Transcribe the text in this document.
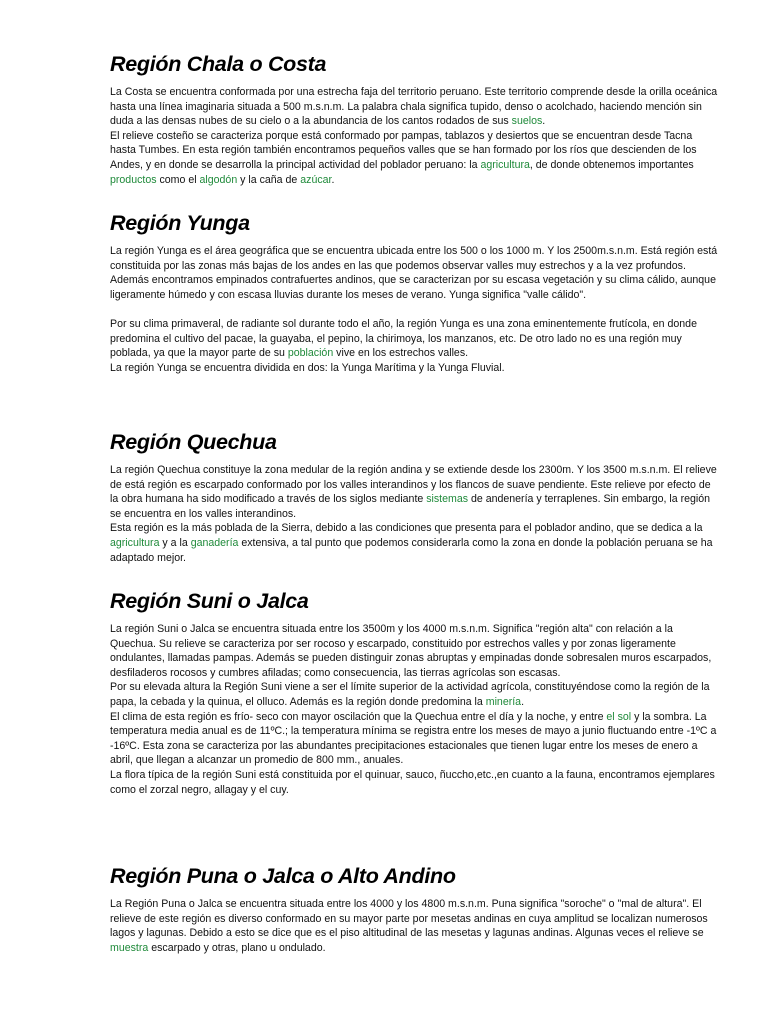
Región Chala o Costa

La Costa se encuentra conformada por una estrecha faja del territorio peruano. Este territorio comprende desde la orilla oceánica hasta una línea imaginaria situada a 500 m.s.n.m. La palabra chala significa tupido, denso o acolchado, haciendo mención sin duda a las densas nubes de su cielo o a la abundancia de los cantos rodados de sus suelos.

El relieve costeño se caracteriza porque está conformado por pampas, tablazos y desiertos que se encuentran desde Tacna hasta Tumbes. En esta región también encontramos pequeños valles que se han formado por los ríos que descienden de los Andes, y en donde se desarrolla la principal actividad del poblador peruano: la agricultura, de donde obtenemos importantes productos como el algodón y la caña de azúcar.

Región Yunga

La región Yunga es el área geográfica que se encuentra ubicada entre los 500 o los 1000 m. Y los 2500m.s.n.m. Está región está constituida por las zonas más bajas de los andes en las que podemos observar valles muy estrechos y a la vez profundos. Además encontramos empinados contrafuertes andinos, que se caracterizan por su escasa vegetación y su clima cálido, aunque ligeramente húmedo y con escasa lluvias durante los meses de verano. Yunga significa "valle cálido".

Por su clima primaveral, de radiante sol durante todo el año, la región Yunga es una zona eminentemente frutícola, en donde predomina el cultivo del pacae, la guayaba, el pepino, la chirimoya, los manzanos, etc. De otro lado no es una región muy poblada, ya que la mayor parte de su población vive en los estrechos valles.

La región Yunga se encuentra dividida en dos: la Yunga Marítima y la Yunga Fluvial.

Región Quechua

La región Quechua constituye la zona medular de la región andina y se extiende desde los 2300m. Y los 3500 m.s.n.m. El relieve de está región es escarpado conformado por los valles interandinos y los flancos de suave pendiente. Este relieve por efecto de la obra humana ha sido modificado a través de los siglos mediante sistemas de andenería y terraplenes. Sin embargo, la región se encuentra en los valles interandinos.

Esta región es la más poblada de la Sierra, debido a las condiciones que presenta para el poblador andino, que se dedica a la agricultura y a la ganadería extensiva, a tal punto que podemos considerarla como la zona en donde la población peruana se ha adaptado mejor.

Región Suni o Jalca

La región Suni o Jalca se encuentra situada entre los 3500m y los 4000 m.s.n.m. Significa "región alta" con relación a la Quechua. Su relieve se caracteriza por ser rocoso y escarpado, constituido por estrechos valles y por zonas ligeramente ondulantes, llamadas pampas. Además se pueden distinguir zonas abruptas y empinadas donde sobresalen muros escarpados, desfiladeros rocosos y cumbres afiladas; como consecuencia, las tierras agrícolas son escasas.

Por su elevada altura la Región Suni viene a ser el límite superior de la actividad agrícola, constituyéndose como la región de la papa, la cebada y la quinua, el olluco. Además es la región donde predomina la minería.

El clima de esta región es frío- seco con mayor oscilación que la Quechua entre el día y la noche, y entre el sol y la sombra. La temperatura media anual es de 11ºC.; la temperatura mínima se registra entre los meses de mayo a junio fluctuando entre -1ºC a -16ºC. Esta zona se caracteriza por las abundantes precipitaciones estacionales que tienen lugar entre los meses de enero a abril, que llegan a alcanzar un promedio de 800 mm., anuales.

La flora típica de la región Suni está constituida por el quinuar, sauco, ñuccho,etc.,en cuanto a la fauna, encontramos ejemplares como el zorzal negro, allagay y el cuy.

Región Puna o Jalca o Alto Andino

La Región Puna o Jalca se encuentra situada entre los 4000 y los 4800 m.s.n.m. Puna significa "soroche" o "mal de altura". El relieve de este región es diverso conformado en su mayor parte por mesetas andinas en cuya amplitud se localizan numerosos lagos y lagunas. Debido a esto se dice que es el piso altitudinal de las mesetas y lagunas andinas. Algunas veces el relieve se muestra escarpado y otras, plano u ondulado.
